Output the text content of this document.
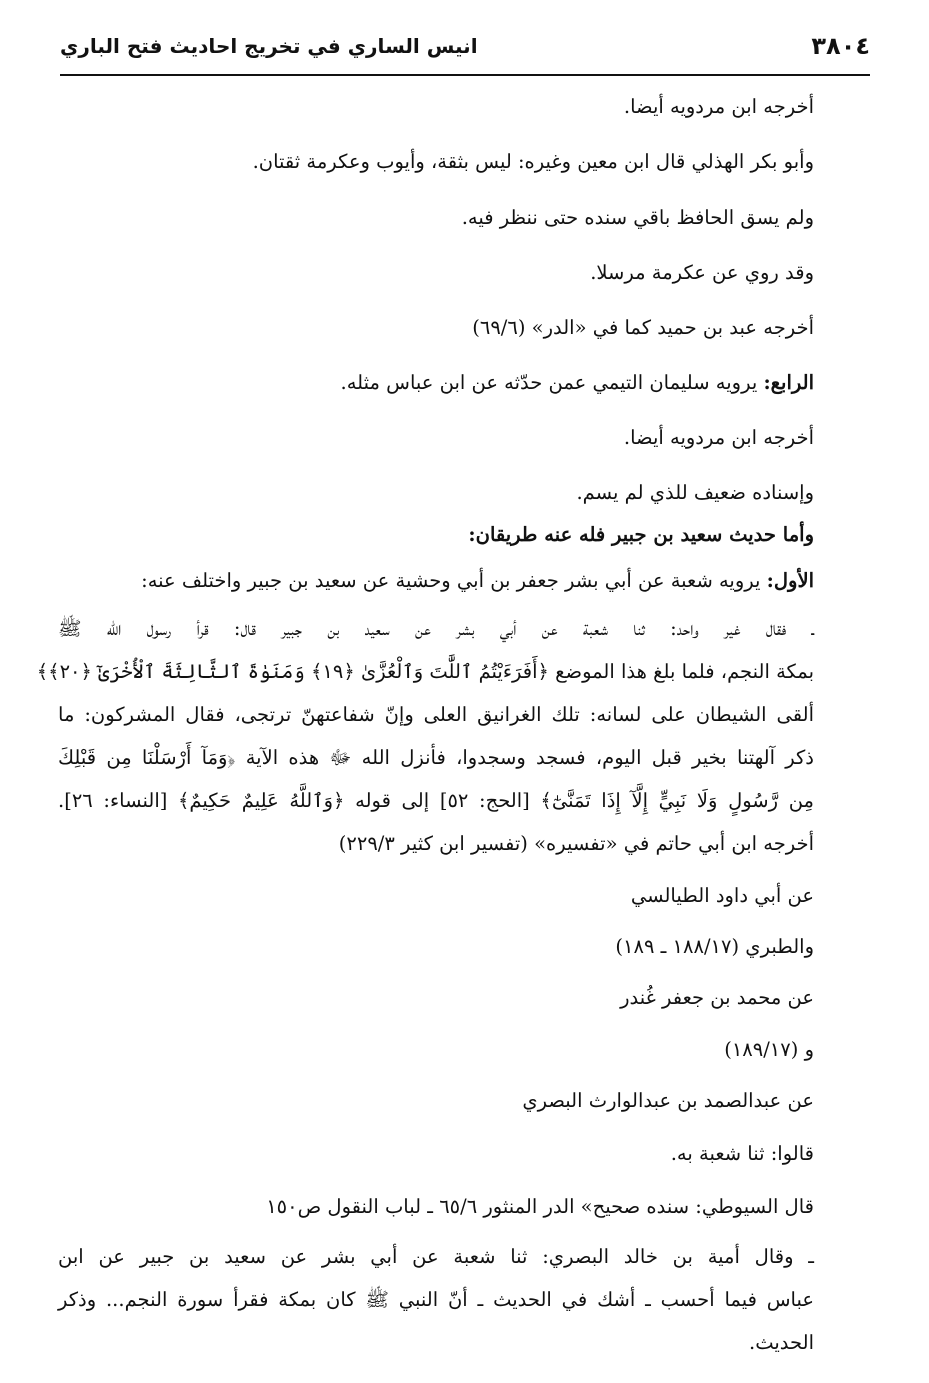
٣٨٠٤
انيس الساري في تخريج احاديث فتح الباري
أخرجه ابن مردويه أيضا.
وأبو بكر الهذلي قال ابن معين وغيره: ليس بثقة، وأيوب وعكرمة ثقتان.
ولم يسق الحافظ باقي سنده حتى ننظر فيه.
وقد روي عن عكرمة مرسلا.
أخرجه عبد بن حميد كما في «الدر» (٦٩/٦)
الرابع: يرويه سليمان التيمي عمن حدّثه عن ابن عباس مثله.
أخرجه ابن مردويه أيضا.
وإسناده ضعيف للذي لم يسم.
وأما حديث سعيد بن جبير فله عنه طريقان:
الأول: يرويه شعبة عن أبي بشر جعفر بن أبي وحشية عن سعيد بن جبير واختلف عنه:
ـ فقال غير واحد: ثنا شعبة عن أبي بشر عن سعيد بن جبير قال: قرأ رسول الله ﷺ
بمكة النجم، فلما بلغ هذا الموضع ﴿أَفَرَءَيْتُمُ ٱللَّٰتَ وَٱلْعُزَّىٰ ﴿١٩﴾ وَمَنَوٰةَ ٱلثَّالِثَةَ ٱلْأُخْرَىٰٓ ﴿٢٠﴾﴾
ألقى الشيطان على لسانه: تلك الغرانيق العلى وإنّ شفاعتهنّ ترتجى، فقال المشركون: ما
ذكر آلهتنا بخير قبل اليوم، فسجد وسجدوا، فأنزل الله ﷻ هذه الآية ﴿وَمَآ أَرْسَلْنَا مِن قَبْلِكَ
مِن رَّسُولٍ وَلَا نَبِيٍّ إِلَّآ إِذَا تَمَنَّىٰٓ﴾ [الحج: ٥٢] إلى قوله ﴿وَٱللَّهُ عَلِيمٌ حَكِيمٌ﴾ [النساء: ٢٦].
أخرجه ابن أبي حاتم في «تفسيره» (تفسير ابن كثير ٢٢٩/٣)
عن أبي داود الطيالسي
والطبري (١٨٨/١٧ ـ ١٨٩)
عن محمد بن جعفر غُندر
و (١٨٩/١٧)
عن عبدالصمد بن عبدالوارث البصري
قالوا: ثنا شعبة به.
قال السيوطي: سنده صحيح» الدر المنثور ٦٥/٦ ـ لباب النقول ص١٥٠
ـ وقال أمية بن خالد البصري: ثنا شعبة عن أبي بشر عن سعيد بن جبير عن ابن
عباس فيما أحسب ـ أشك في الحديث ـ أنّ النبي ﷺ كان بمكة فقرأ سورة النجم... وذكر
الحديث.
